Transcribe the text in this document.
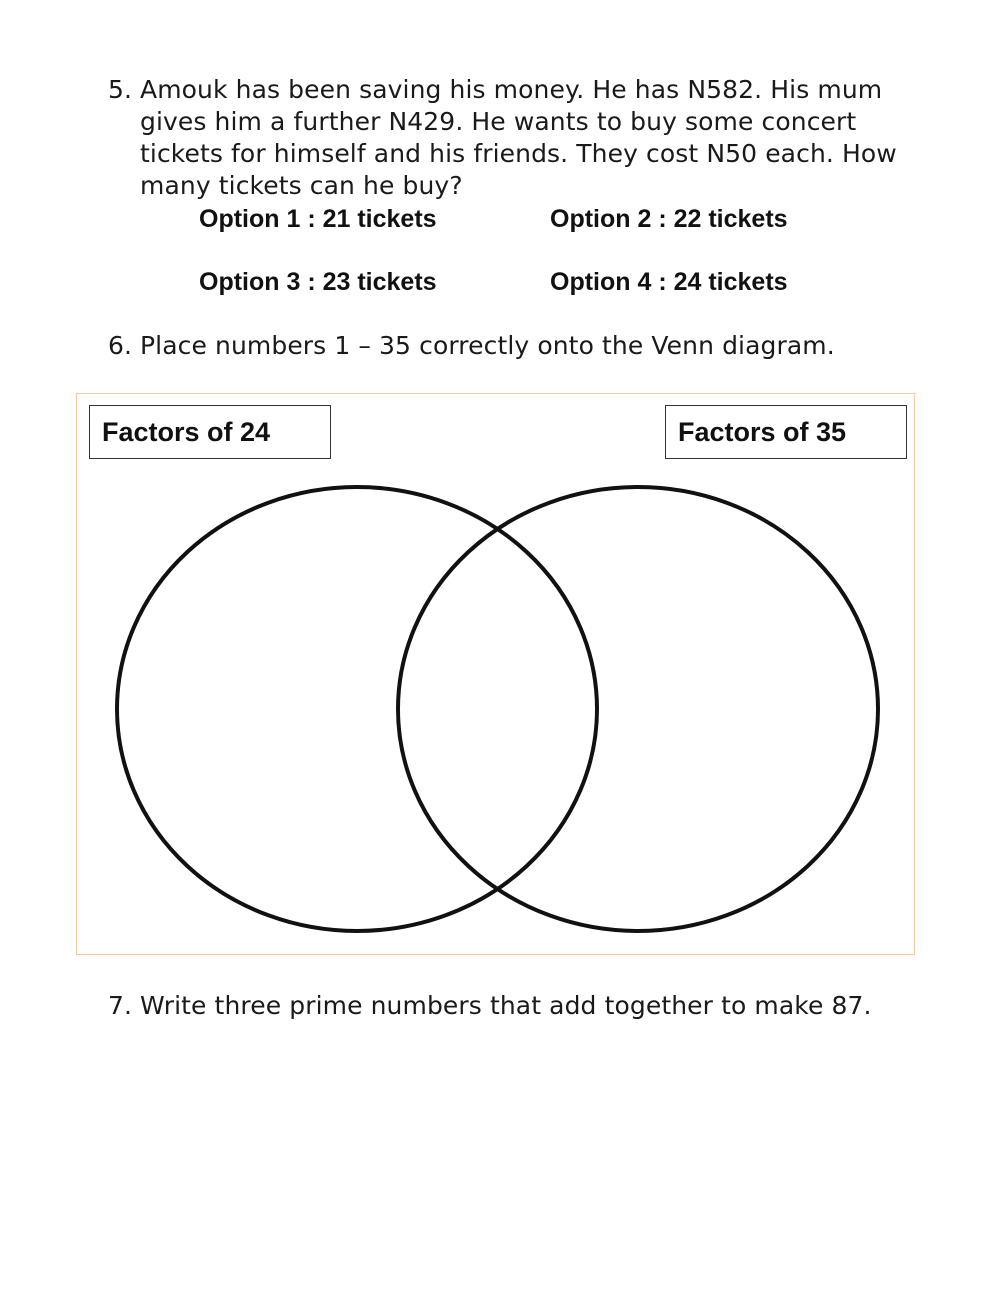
5. Amouk has been saving his money. He has N582. His mum
gives him a further N429. He wants to buy some concert
tickets for himself and his friends. They cost N50 each. How
many tickets can he buy?
Option 1 : 21 tickets	Option 2 : 22 tickets
Option 3 : 23 tickets	Option 4 : 24 tickets
6. Place numbers 1 – 35 correctly onto the Venn diagram.
Factors of 24	Factors of 35
7. Write three prime numbers that add together to make 87.
